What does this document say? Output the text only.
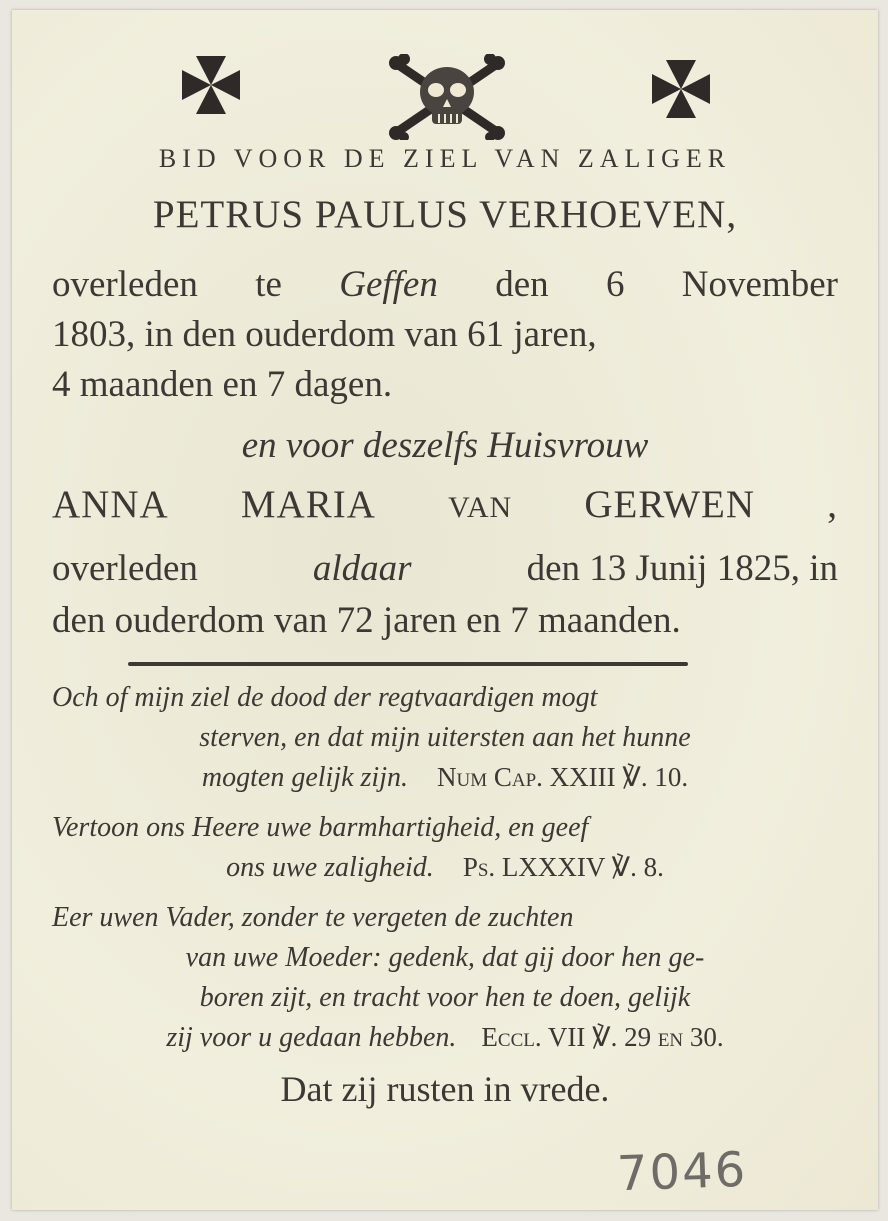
BID VOOR DE ZIEL VAN ZALIGER
PETRUS PAULUS VERHOEVEN,
overleden te Geffen den 6 November
1803, in den ouderdom van 61 jaren,
4 maanden en 7 dagen.
en voor deszelfs Huisvrouw
ANNA MARIA VAN GERWEN ,
overleden	aldaar	den 13 Junij 1825, in
den ouderdom van 72 jaren en 7 maanden.
Och of mijn ziel de dood der regtvaardigen mogt
sterven, en dat mijn uitersten aan het hunne
mogten gelijk zijn. Num Cap. XXIII ℣. 10.
Vertoon ons Heere uwe barmhartigheid, en geef
ons uwe zaligheid. Ps. LXXXIV ℣. 8.
Eer uwen Vader, zonder te vergeten de zuchten
van uwe Moeder: gedenk, dat gij door hen ge-
boren zijt, en tracht voor hen te doen, gelijk
zij voor u gedaan hebben. Eccl. VII ℣. 29 en 30.
Dat zij rusten in vrede.
7046
